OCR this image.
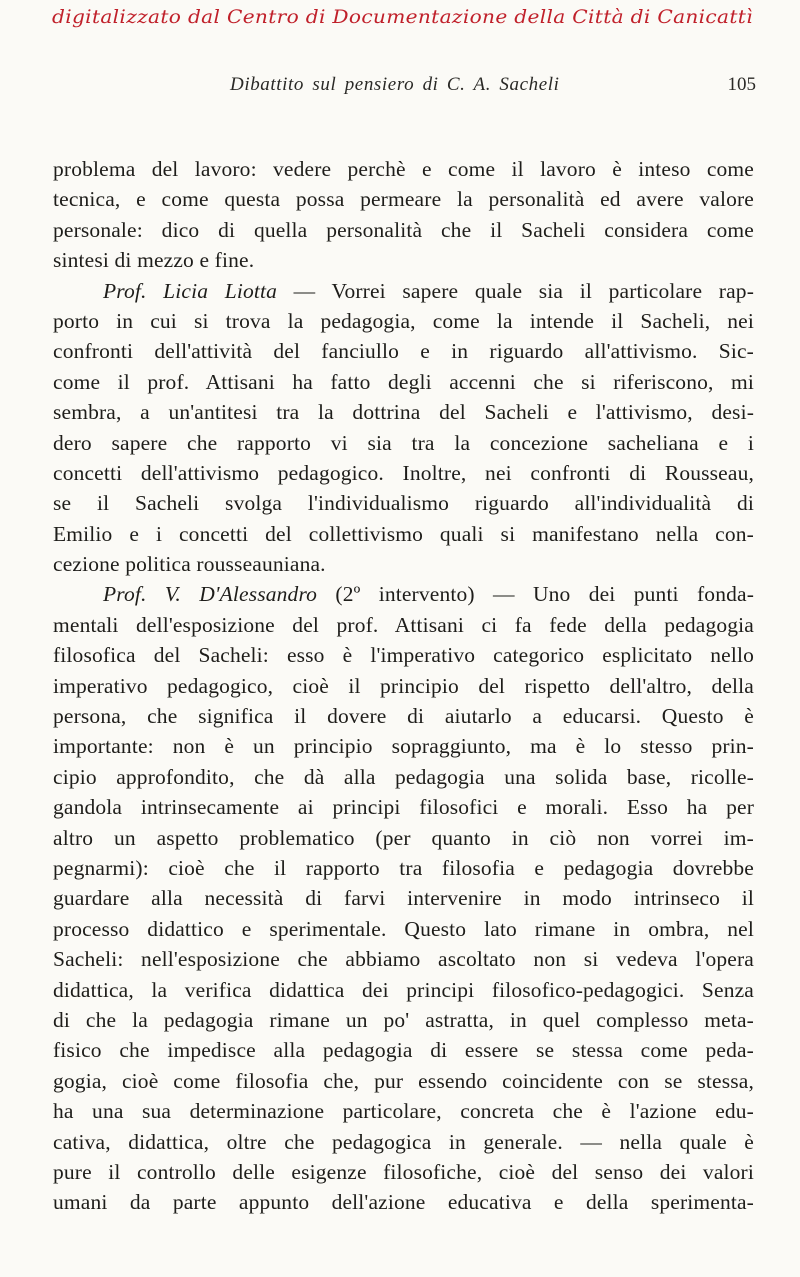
digitalizzato dal Centro di Documentazione della Città di Canicattì
Dibattito sul pensiero di C. A. Sacheli	105
problema del lavoro: vedere perchè e come il lavoro è inteso come
tecnica, e come questa possa permeare la personalità ed avere valore
personale: dico di quella personalità che il Sacheli considera come
sintesi di mezzo e fine.
Prof. Licia Liotta — Vorrei sapere quale sia il particolare rap-
porto in cui si trova la pedagogia, come la intende il Sacheli, nei
confronti dell'attività del fanciullo e in riguardo all'attivismo. Sic-
come il prof. Attisani ha fatto degli accenni che si riferiscono, mi
sembra, a un'antitesi tra la dottrina del Sacheli e l'attivismo, desi-
dero sapere che rapporto vi sia tra la concezione sacheliana e i
concetti dell'attivismo pedagogico. Inoltre, nei confronti di Rousseau,
se il Sacheli svolga l'individualismo riguardo all'individualità di
Emilio e i concetti del collettivismo quali si manifestano nella con-
cezione politica rousseauniana.
Prof. V. D'Alessandro (2º intervento) — Uno dei punti fonda-
mentali dell'esposizione del prof. Attisani ci fa fede della pedagogia
filosofica del Sacheli: esso è l'imperativo categorico esplicitato nello
imperativo pedagogico, cioè il principio del rispetto dell'altro, della
persona, che significa il dovere di aiutarlo a educarsi. Questo è
importante: non è un principio sopraggiunto, ma è lo stesso prin-
cipio approfondito, che dà alla pedagogia una solida base, ricolle-
gandola intrinsecamente ai principi filosofici e morali. Esso ha per
altro un aspetto problematico (per quanto in ciò non vorrei im-
pegnarmi): cioè che il rapporto tra filosofia e pedagogia dovrebbe
guardare alla necessità di farvi intervenire in modo intrinseco il
processo didattico e sperimentale. Questo lato rimane in ombra, nel
Sacheli: nell'esposizione che abbiamo ascoltato non si vedeva l'opera
didattica, la verifica didattica dei principi filosofico-pedagogici. Senza
di che la pedagogia rimane un po' astratta, in quel complesso meta-
fisico che impedisce alla pedagogia di essere se stessa come peda-
gogia, cioè come filosofia che, pur essendo coincidente con se stessa,
ha una sua determinazione particolare, concreta che è l'azione edu-
cativa, didattica, oltre che pedagogica in generale. — nella quale è
pure il controllo delle esigenze filosofiche, cioè del senso dei valori
umani da parte appunto dell'azione educativa e della sperimenta-
